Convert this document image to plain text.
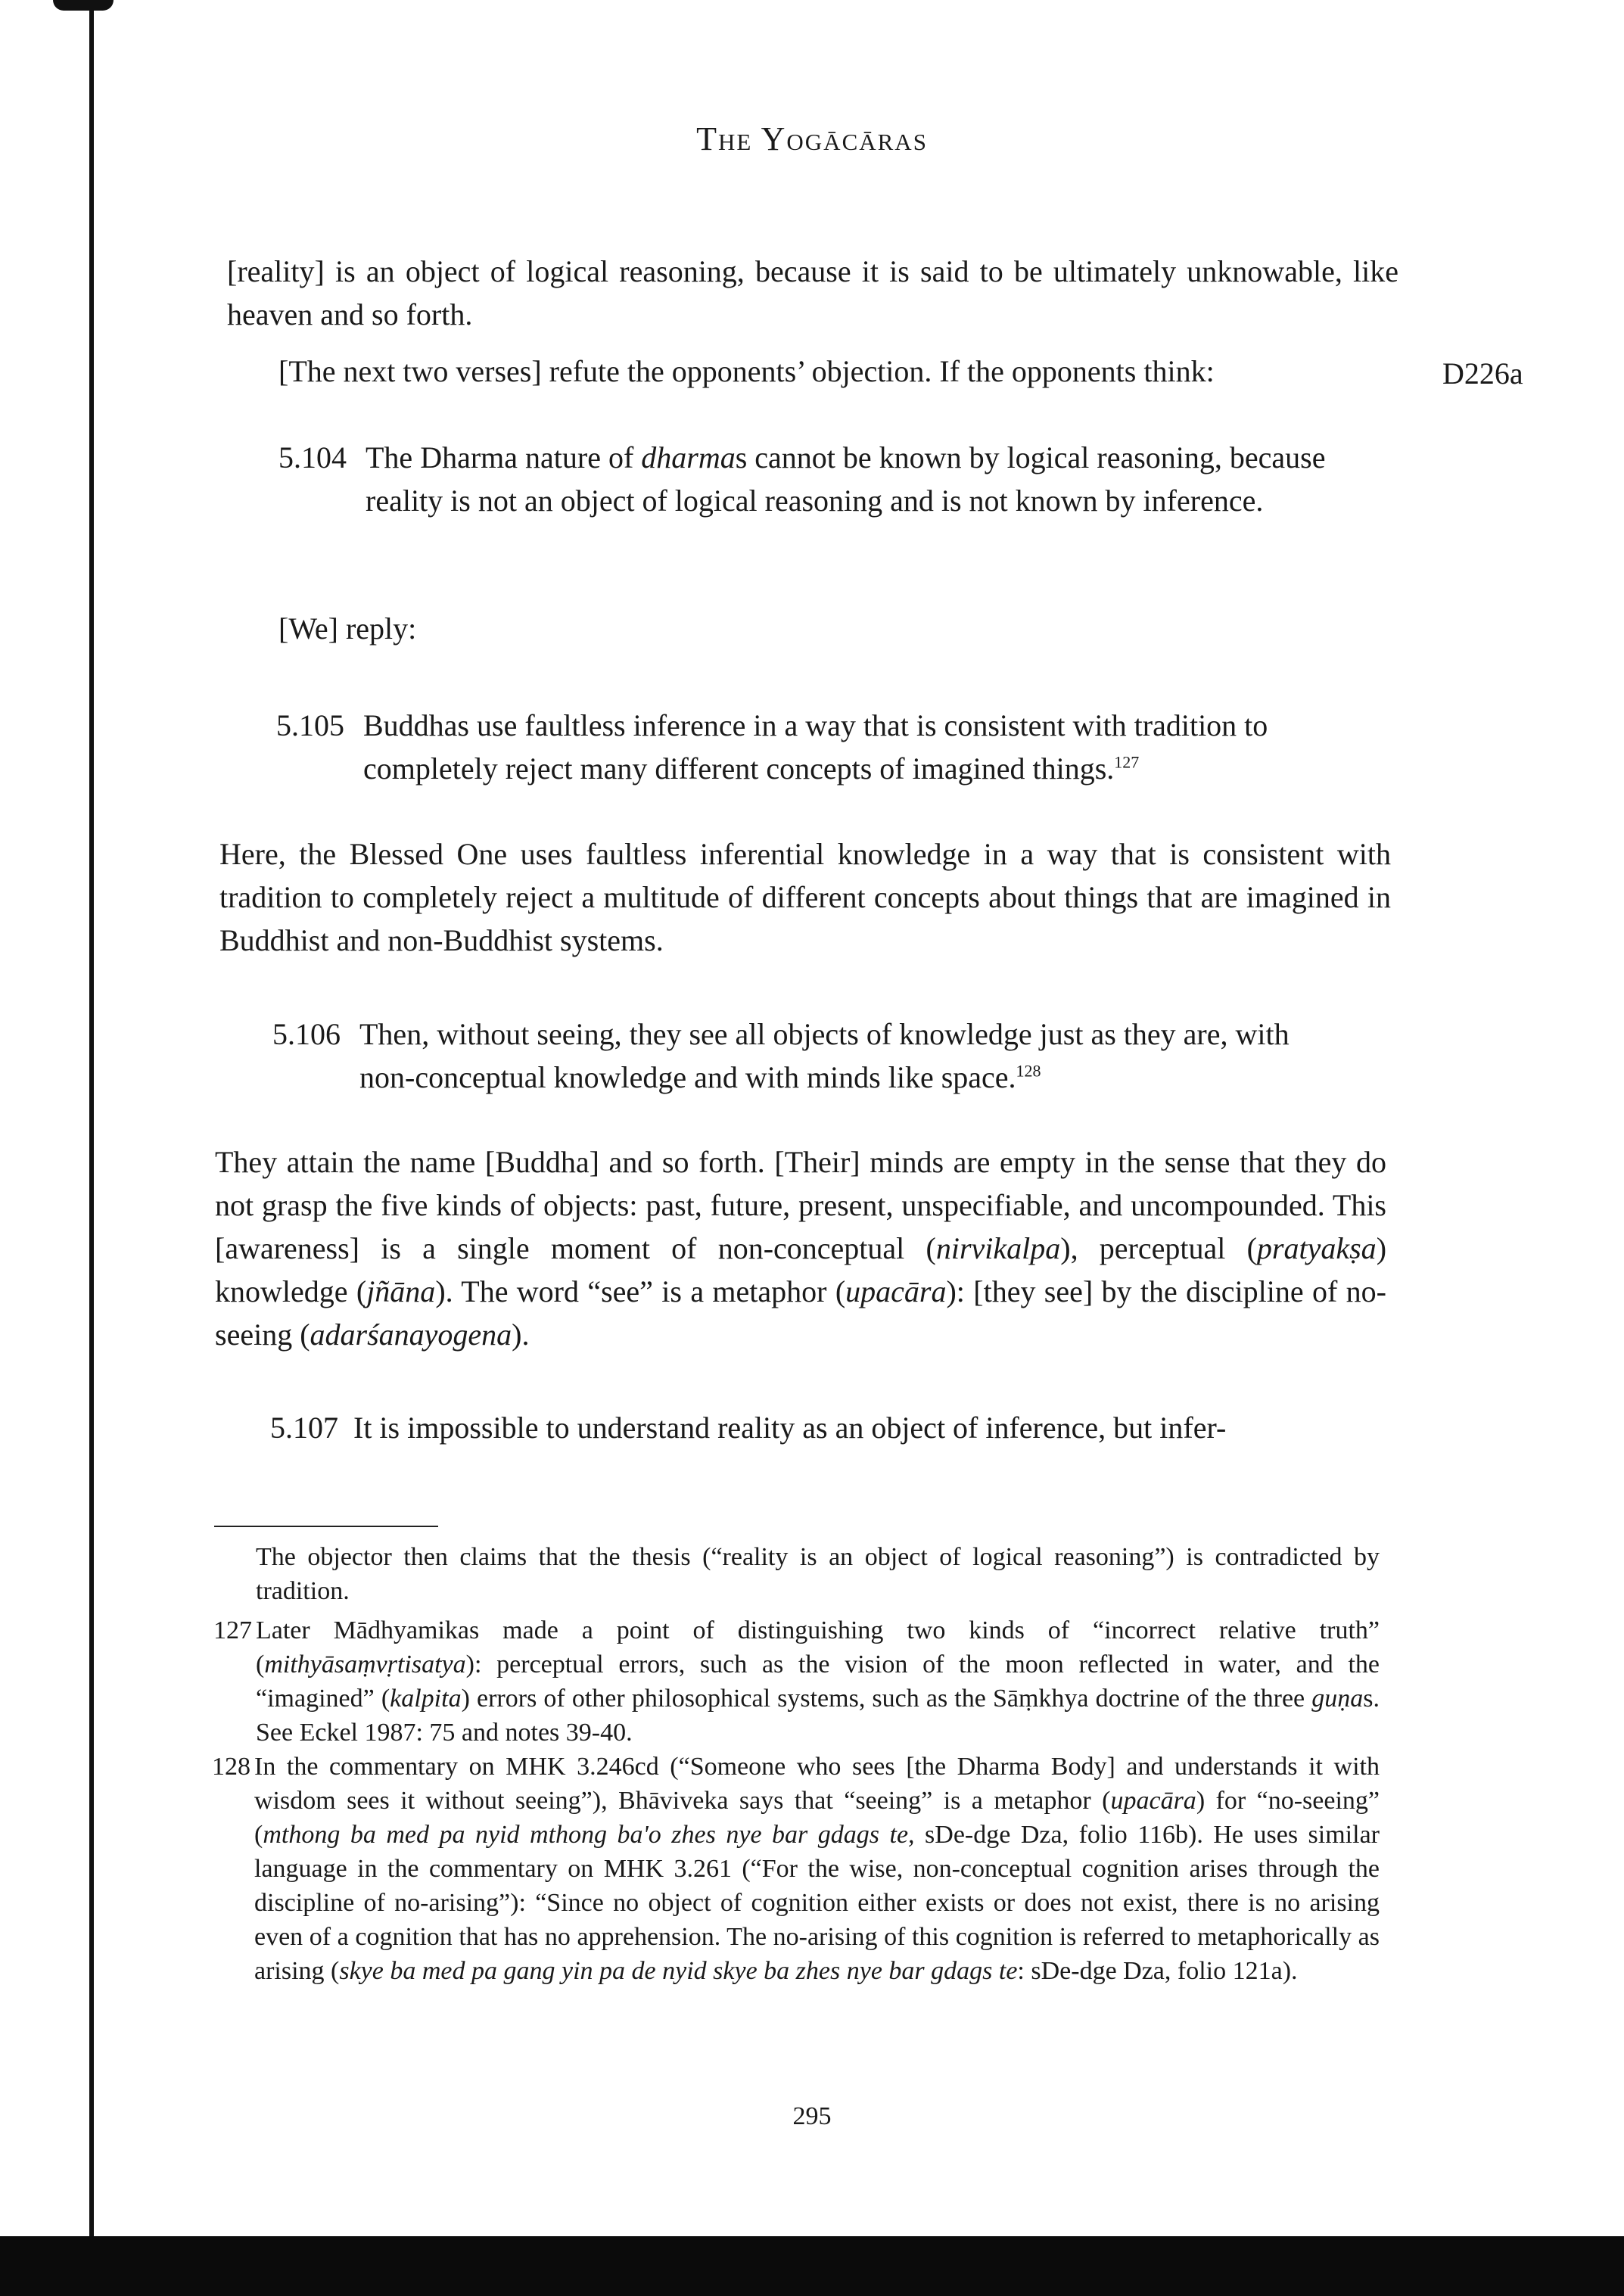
The Yogācāras
D226a

[reality] is an object of logical reasoning, because it is said to be ultimately unknowable, like heaven and so forth.

[The next two verses] refute the opponents’ objection. If the opponents think:

5.104 The Dharma nature of dharmas cannot be known by logical reasoning, because reality is not an object of logical reasoning and is not known by inference.

[We] reply:

5.105 Buddhas use faultless inference in a way that is consistent with tradition to completely reject many different concepts of imagined things.$^{127}$

Here, the Blessed One uses faultless inferential knowledge in a way that is consistent with tradition to completely reject a multitude of different concepts about things that are imagined in Buddhist and non-Buddhist systems.

5.106 Then, without seeing, they see all objects of knowledge just as they are, with non-conceptual knowledge and with minds like space.$^{128}$

They attain the name [Buddha] and so forth. [Their] minds are empty in the sense that they do not grasp the five kinds of objects: past, future, present, unspecifiable, and uncompounded. This [awareness] is a single moment of non-conceptual (nirvikalpa), perceptual (pratyakṣa) knowledge (jñāna). The word “see” is a metaphor (upacāra): [they see] by the discipline of no-seeing (adarśanayogena).

5.107 It is impossible to understand reality as an object of inference, but infer-

The objector then claims that the thesis (“reality is an object of logical reasoning”) is contradicted by tradition.

127 Later Mādhyamikas made a point of distinguishing two kinds of “incorrect relative truth” (mithyāsaṃvṛtisatya): perceptual errors, such as the vision of the moon reflected in water, and the “imagined” (kalpita) errors of other philosophical systems, such as the Sāṃkhya doctrine of the three guṇas. See Eckel 1987: 75 and notes 39-40.
128 In the commentary on MHK 3.246cd (“Someone who sees [the Dharma Body] and understands it with wisdom sees it without seeing”), Bhāviveka says that “seeing” is a metaphor (upacāra) for “no-seeing” (mthong ba med pa nyid mthong ba'o zhes nye bar gdags te, sDe-dge Dza, folio 116b). He uses similar language in the commentary on MHK 3.261 (“For the wise, non-conceptual cognition arises through the discipline of no-arising”): “Since no object of cognition either exists or does not exist, there is no arising even of a cognition that has no apprehension. The no-arising of this cognition is referred to metaphorically as arising (skye ba med pa gang yin pa de nyid skye ba zhes nye bar gdags te: sDe-dge Dza, folio 121a).
295
